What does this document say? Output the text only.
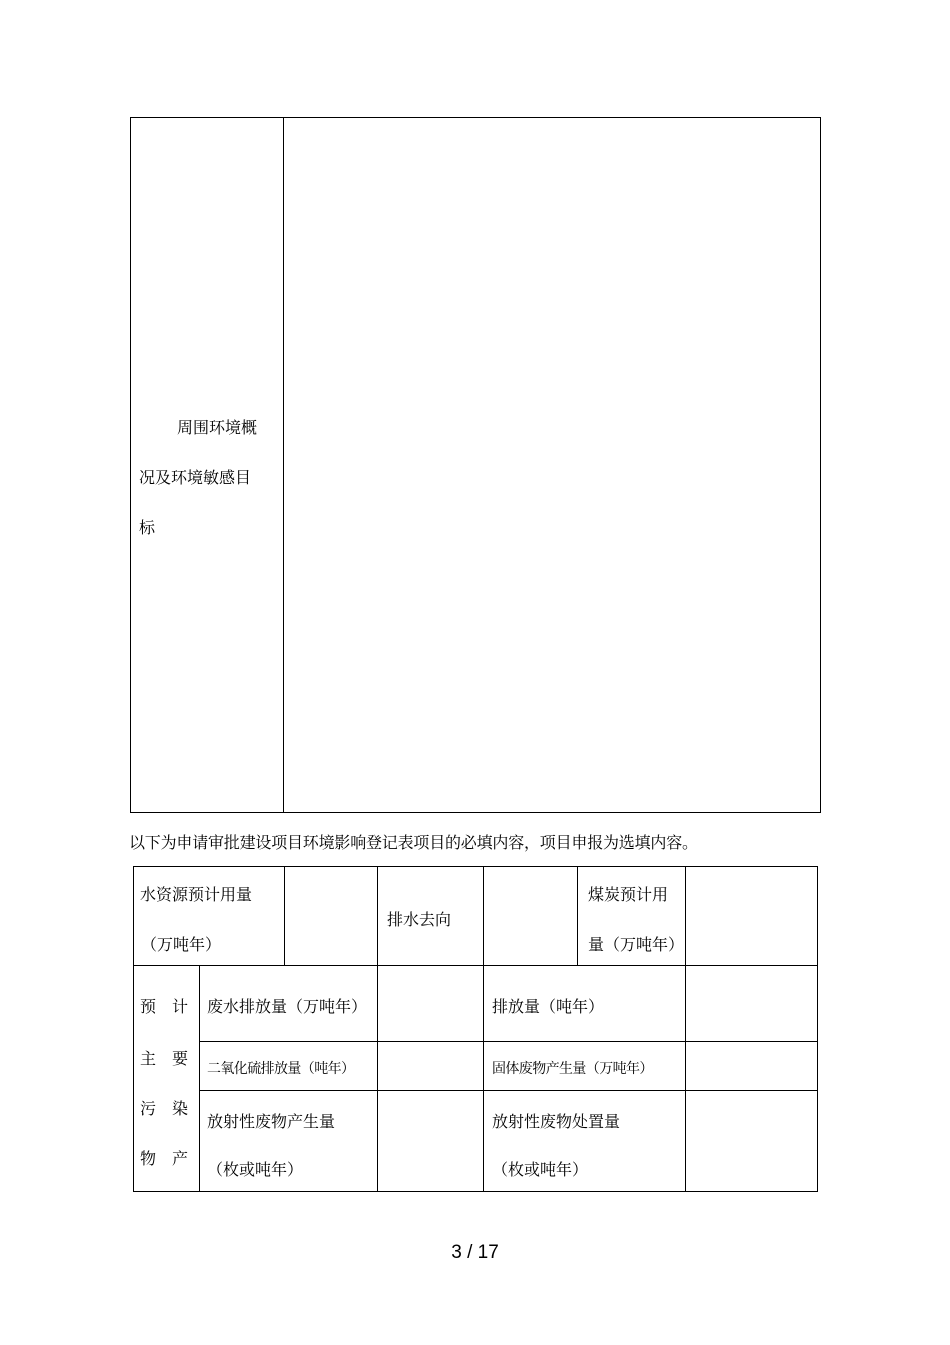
周围环境概
况及环境敏感目
标
以下为申请审批建设项目环境影响登记表项目的必填内容，项目申报为选填内容。
水资源预计用量
（万吨年）
排水去向
煤炭预计用
量（万吨年）
预　计
主　要
污　染
物　产
废水排放量（万吨年）	排放量（吨年）
二氧化硫排放量（吨年）	固体废物产生量（万吨年）
放射性废物产生量
（枚或吨年）
放射性废物处置量
（枚或吨年）
3 / 17
